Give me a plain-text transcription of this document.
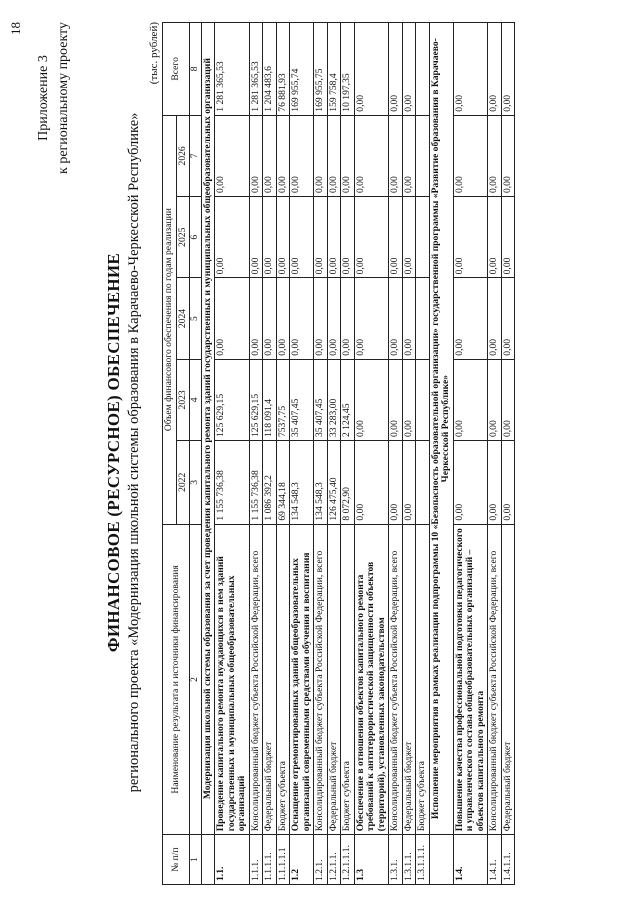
18
Приложение 3 к региональному проекту
ФИНАНСОВОЕ (РЕСУРСНОЕ) ОБЕСПЕЧЕНИЕ регионального проекта «Модернизация школьной системы образования в Карачаево-Черкесской Республике»
(тыс. рублей)
№ п/п	Наименование результата и источники финансирования	Объем финансового обеспечения по годам реализации					Всего
		2022	2023	2024	2025	2026	
1	2	3	4	5	6	7	8
	Модернизация школьной системы образования за счет проведения капитального ремонта зданий государственных и муниципальных общеобразовательных организаций						
1.1.	Проведение капитального ремонта нуждающихся в нем зданий государственных и муниципальных общеобразовательных организаций	1 155 736,38	125 629,15	0,00	0,00	0,00	1 281 365,53
1.1.1.	Консолидированный бюджет субъекта Российской Федерации, всего	1 155 736,38	125 629,15	0,00	0,00	0,00	1 281 365,53
1.1.1.1.	Федеральный бюджет	1 086 392,2	118 091,4	0,00	0,00	0,00	1 204 483,6
1.1.1.1.1	Бюджет субъекта	69 344,18	7537,75	0,00	0,00	0,00	76 881,93
1.2	Оснащение отремонтированных зданий общеобразовательных организаций современными средствами обучения и воспитания	134 548,3	35 407,45	0,00	0,00	0,00	169 955,74
1.2.1.	Консолидированный бюджет субъекта Российской Федерации, всего	134 548,3	35 407,45	0,00	0,00	0,00	169 955,75
1.2.1.1.	Федеральный бюджет	126 475,40	33 283,00	0,00	0,00	0,00	159 758,4
1.2.1.1.1.	Бюджет субъекта	8 072,90	2 124,45	0,00	0,00	0,00	10 197,35
1.3	Обеспечение в отношении объектов капитального ремонта требований к антитеррористической защищенности объектов (территорий), установленных законодательством	0,00	0,00	0,00	0,00	0,00	0,00
1.3.1.	Консолидированный бюджет субъекта Российской Федерации, всего	0,00	0,00	0,00	0,00	0,00	0,00
1.3.1.1.	Федеральный бюджет	0,00	0,00	0,00	0,00	0,00	0,00
1.3.1.1.1.	Бюджет субъекта						
	Исполнение мероприятия в рамках реализации подпрограммы 10 «Безопасность образовательной организации» государственной программы «Развитие образования в Карачаево-Черкесской Республике»						
1.4.	Повышение качества профессиональной подготовки педагогического и управленческого состава общеобразовательных организаций – объектов капитального ремонта	0,00	0,00	0,00	0,00	0,00	0,00
1.4.1.	Консолидированный бюджет субъекта Российской Федерации, всего	0,00	0,00	0,00	0,00	0,00	0,00
1.4.1.1.	Федеральный бюджет	0,00	0,00	0,00	0,00	0,00	0,00
